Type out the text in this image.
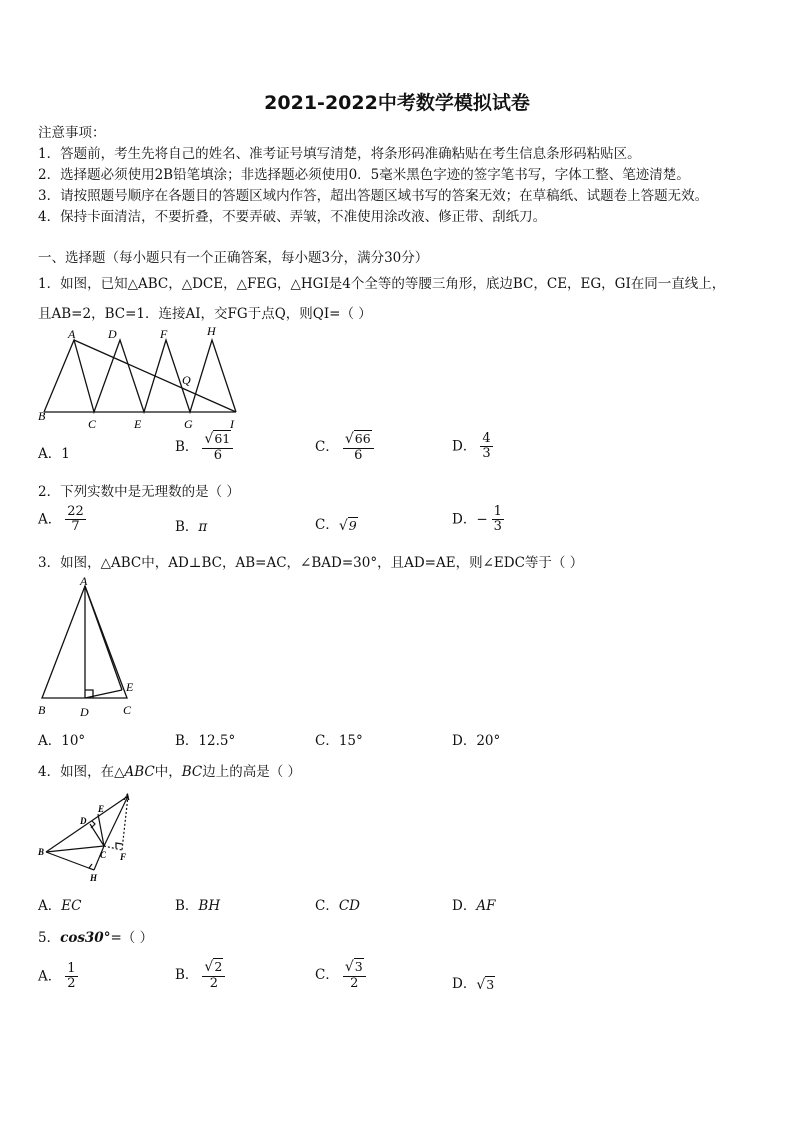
2021-2022中考数学模拟试卷
注意事项：
1．答题前，考生先将自己的姓名、准考证号填写清楚，将条形码准确粘贴在考生信息条形码粘贴区。
2．选择题必须使用2B铅笔填涂；非选择题必须使用0．5毫米黑色字迹的签字笔书写，字体工整、笔迹清楚。
3．请按照题号顺序在各题目的答题区域内作答，超出答题区域书写的答案无效；在草稿纸、试题卷上答题无效。
4．保持卡面清洁，不要折叠，不要弄破、弄皱，不准使用涂改液、修正带、刮纸刀。
一、选择题（每小题只有一个正确答案，每小题3分，满分30分）
1．如图，已知△ABC，△DCE，△FEG，△HGI是4个全等的等腰三角形，底边BC，CE，EG，GI在同一直线上，
且AB=2，BC=1．连接AI，交FG于点Q，则QI=（ ）
A
B
C
D
E
F
G
H
I
Q
A．1	B． $\frac{√61}{6}$	C． $\frac{√66}{6}$	D． $\frac{4}{3}$
2．下列实数中是无理数的是（ ）
A． $\frac{22}{7}$	B．π	C．√9	D．− $\frac{1}{3}$
3．如图，△ABC中，AD⊥BC，AB=AC，∠BAD=30°，且AD=AE，则∠EDC等于（ ）
A
B	D	C
E
A．10°	B．12.5°	C．15°	D．20°
4．如图，在△ABC中，BC边上的高是（ ）
A
B	C
D
E
F
H
A．EC	B．BH	C．CD	D．AF
5．cos30°=（ ）
A． $\frac{1}{2}$	B． $\frac{√2}{2}$	C． $\frac{√3}{2}$	D．√3
